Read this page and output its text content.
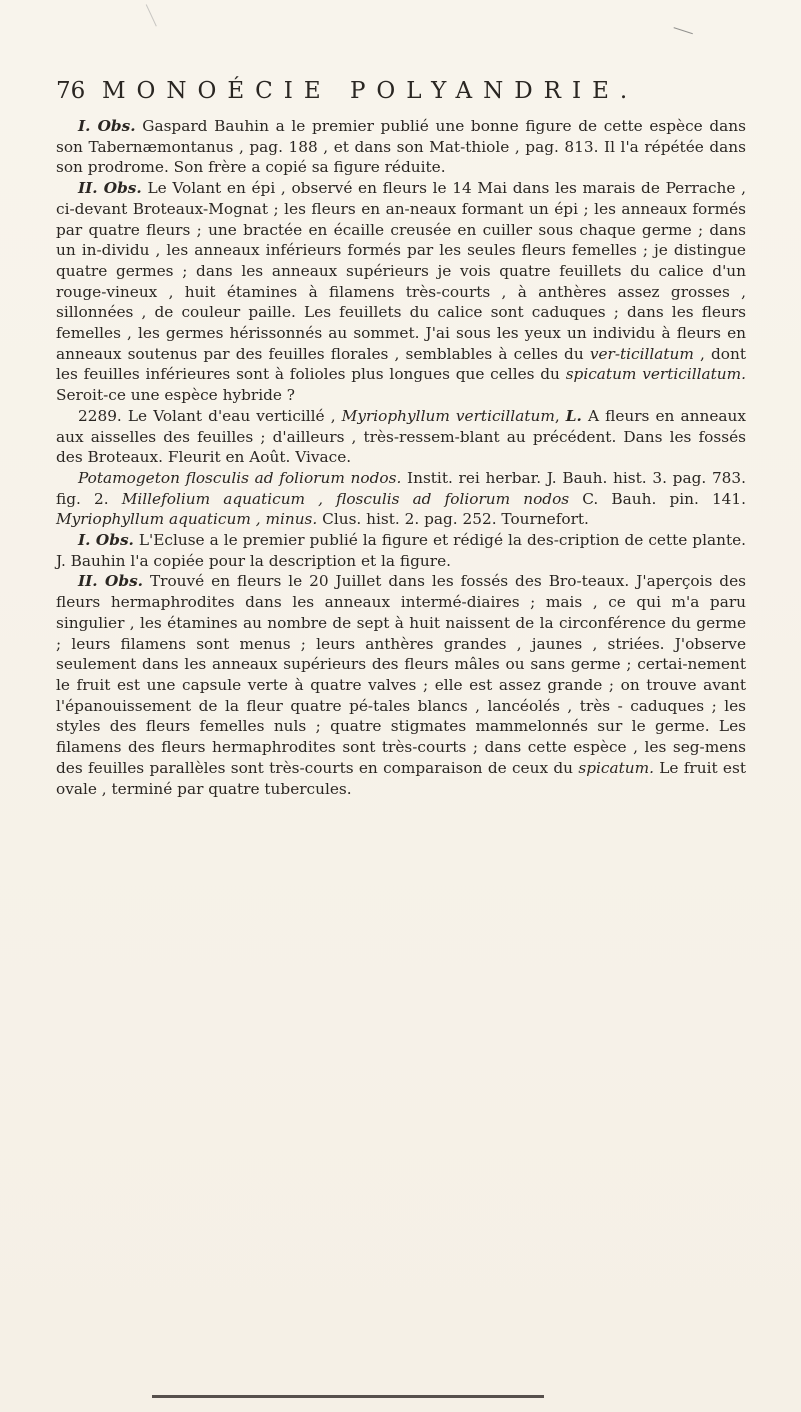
76 MONOÉCIE POLYANDRIE.

I. Obs. Gaspard Bauhin a le premier publié une bonne figure de cette espèce dans son Tabernæmontanus , pag. 188 , et dans son Mat-thiole , pag. 813. Il l'a répétée dans son prodrome. Son frère a copié sa figure réduite.

II. Obs. Le Volant en épi , observé en fleurs le 14 Mai dans les marais de Perrache , ci-devant Broteaux-Mognat ; les fleurs en an-neaux formant un épi ; les anneaux formés par quatre fleurs ; une bractée en écaille creusée en cuiller sous chaque germe ; dans un in-dividu , les anneaux inférieurs formés par les seules fleurs femelles ; je distingue quatre germes ; dans les anneaux supérieurs je vois quatre feuillets du calice d'un rouge-vineux , huit étamines à filamens très-courts , à anthères assez grosses , sillonnées , de couleur paille. Les feuillets du calice sont caduques ; dans les fleurs femelles , les germes hérissonnés au sommet. J'ai sous les yeux un individu à fleurs en anneaux soutenus par des feuilles florales , semblables à celles du ver-ticillatum , dont les feuilles inférieures sont à folioles plus longues que celles du spicatum verticillatum. Seroit-ce une espèce hybride ?

2289. Le Volant d'eau verticillé , Myriophyllum verticillatum, L. A fleurs en anneaux aux aisselles des feuilles ; d'ailleurs , très-ressem-blant au précédent. Dans les fossés des Broteaux. Fleurit en Août. Vivace.

Potamogeton flosculis ad foliorum nodos. Instit. rei herbar. J. Bauh. hist. 3. pag. 783. fig. 2. Millefolium aquaticum , flosculis ad foliorum nodos C. Bauh. pin. 141. Myriophyllum aquaticum , minus. Clus. hist. 2. pag. 252. Tournefort.

I. Obs. L'Ecluse a le premier publié la figure et rédigé la des-cription de cette plante. J. Bauhin l'a copiée pour la description et la figure.

II. Obs. Trouvé en fleurs le 20 Juillet dans les fossés des Bro-teaux. J'aperçois des fleurs hermaphrodites dans les anneaux intermé-diaires ; mais , ce qui m'a paru singulier , les étamines au nombre de sept à huit naissent de la circonférence du germe ; leurs filamens sont menus ; leurs anthères grandes , jaunes , striées. J'observe seulement dans les anneaux supérieurs des fleurs mâles ou sans germe ; certai-nement le fruit est une capsule verte à quatre valves ; elle est assez grande ; on trouve avant l'épanouissement de la fleur quatre pé-tales blancs , lancéolés , très - caduques ; les styles des fleurs femelles nuls ; quatre stigmates mammelonnés sur le germe. Les filamens des fleurs hermaphrodites sont très-courts ; dans cette espèce , les seg-mens des feuilles parallèles sont très-courts en comparaison de ceux du spicatum. Le fruit est ovale , terminé par quatre tubercules.
